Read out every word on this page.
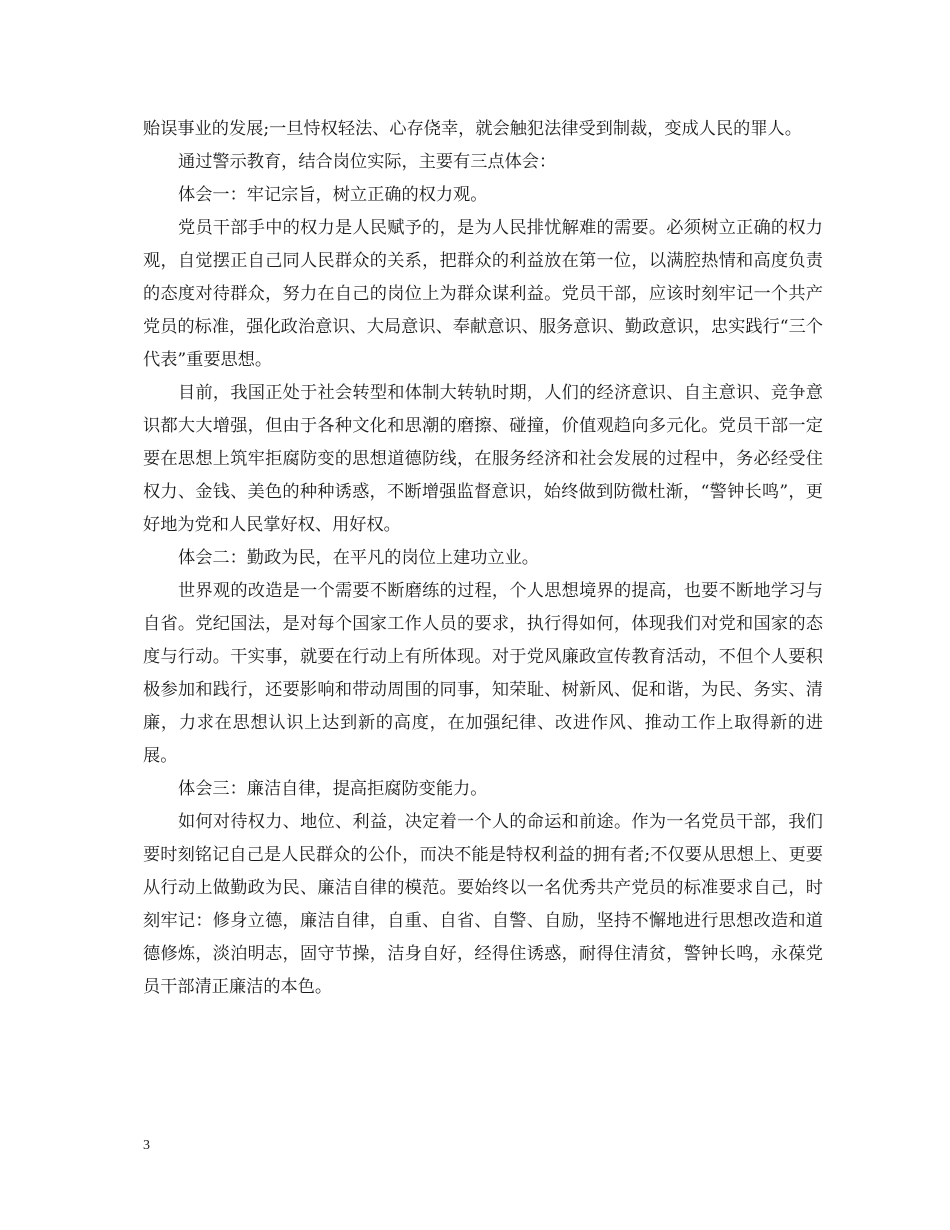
贻误事业的发展;一旦恃权轻法、心存侥幸，就会触犯法律受到制裁，变成人民的罪人。

通过警示教育，结合岗位实际，主要有三点体会：

体会一：牢记宗旨，树立正确的权力观。

党员干部手中的权力是人民赋予的，是为人民排忧解难的需要。必须树立正确的权力观，自觉摆正自己同人民群众的关系，把群众的利益放在第一位，以满腔热情和高度负责的态度对待群众，努力在自己的岗位上为群众谋利益。党员干部，应该时刻牢记一个共产党员的标准，强化政治意识、大局意识、奉献意识、服务意识、勤政意识，忠实践行“三个代表”重要思想。

目前，我国正处于社会转型和体制大转轨时期，人们的经济意识、自主意识、竞争意识都大大增强，但由于各种文化和思潮的磨擦、碰撞，价值观趋向多元化。党员干部一定要在思想上筑牢拒腐防变的思想道德防线，在服务经济和社会发展的过程中，务必经受住权力、金钱、美色的种种诱惑，不断增强监督意识，始终做到防微杜渐，“警钟长鸣”，更好地为党和人民掌好权、用好权。

体会二：勤政为民，在平凡的岗位上建功立业。

世界观的改造是一个需要不断磨练的过程，个人思想境界的提高，也要不断地学习与自省。党纪国法，是对每个国家工作人员的要求，执行得如何，体现我们对党和国家的态度与行动。干实事，就要在行动上有所体现。对于党风廉政宣传教育活动，不但个人要积极参加和践行，还要影响和带动周围的同事，知荣耻、树新风、促和谐，为民、务实、清廉，力求在思想认识上达到新的高度，在加强纪律、改进作风、推动工作上取得新的进展。

体会三：廉洁自律，提高拒腐防变能力。

如何对待权力、地位、利益，决定着一个人的命运和前途。作为一名党员干部，我们要时刻铭记自己是人民群众的公仆，而决不能是特权利益的拥有者;不仅要从思想上、更要从行动上做勤政为民、廉洁自律的模范。要始终以一名优秀共产党员的标准要求自己，时刻牢记：修身立德，廉洁自律，自重、自省、自警、自励，坚持不懈地进行思想改造和道德修炼，淡泊明志，固守节操，洁身自好，经得住诱惑，耐得住清贫，警钟长鸣，永葆党员干部清正廉洁的本色。

3
